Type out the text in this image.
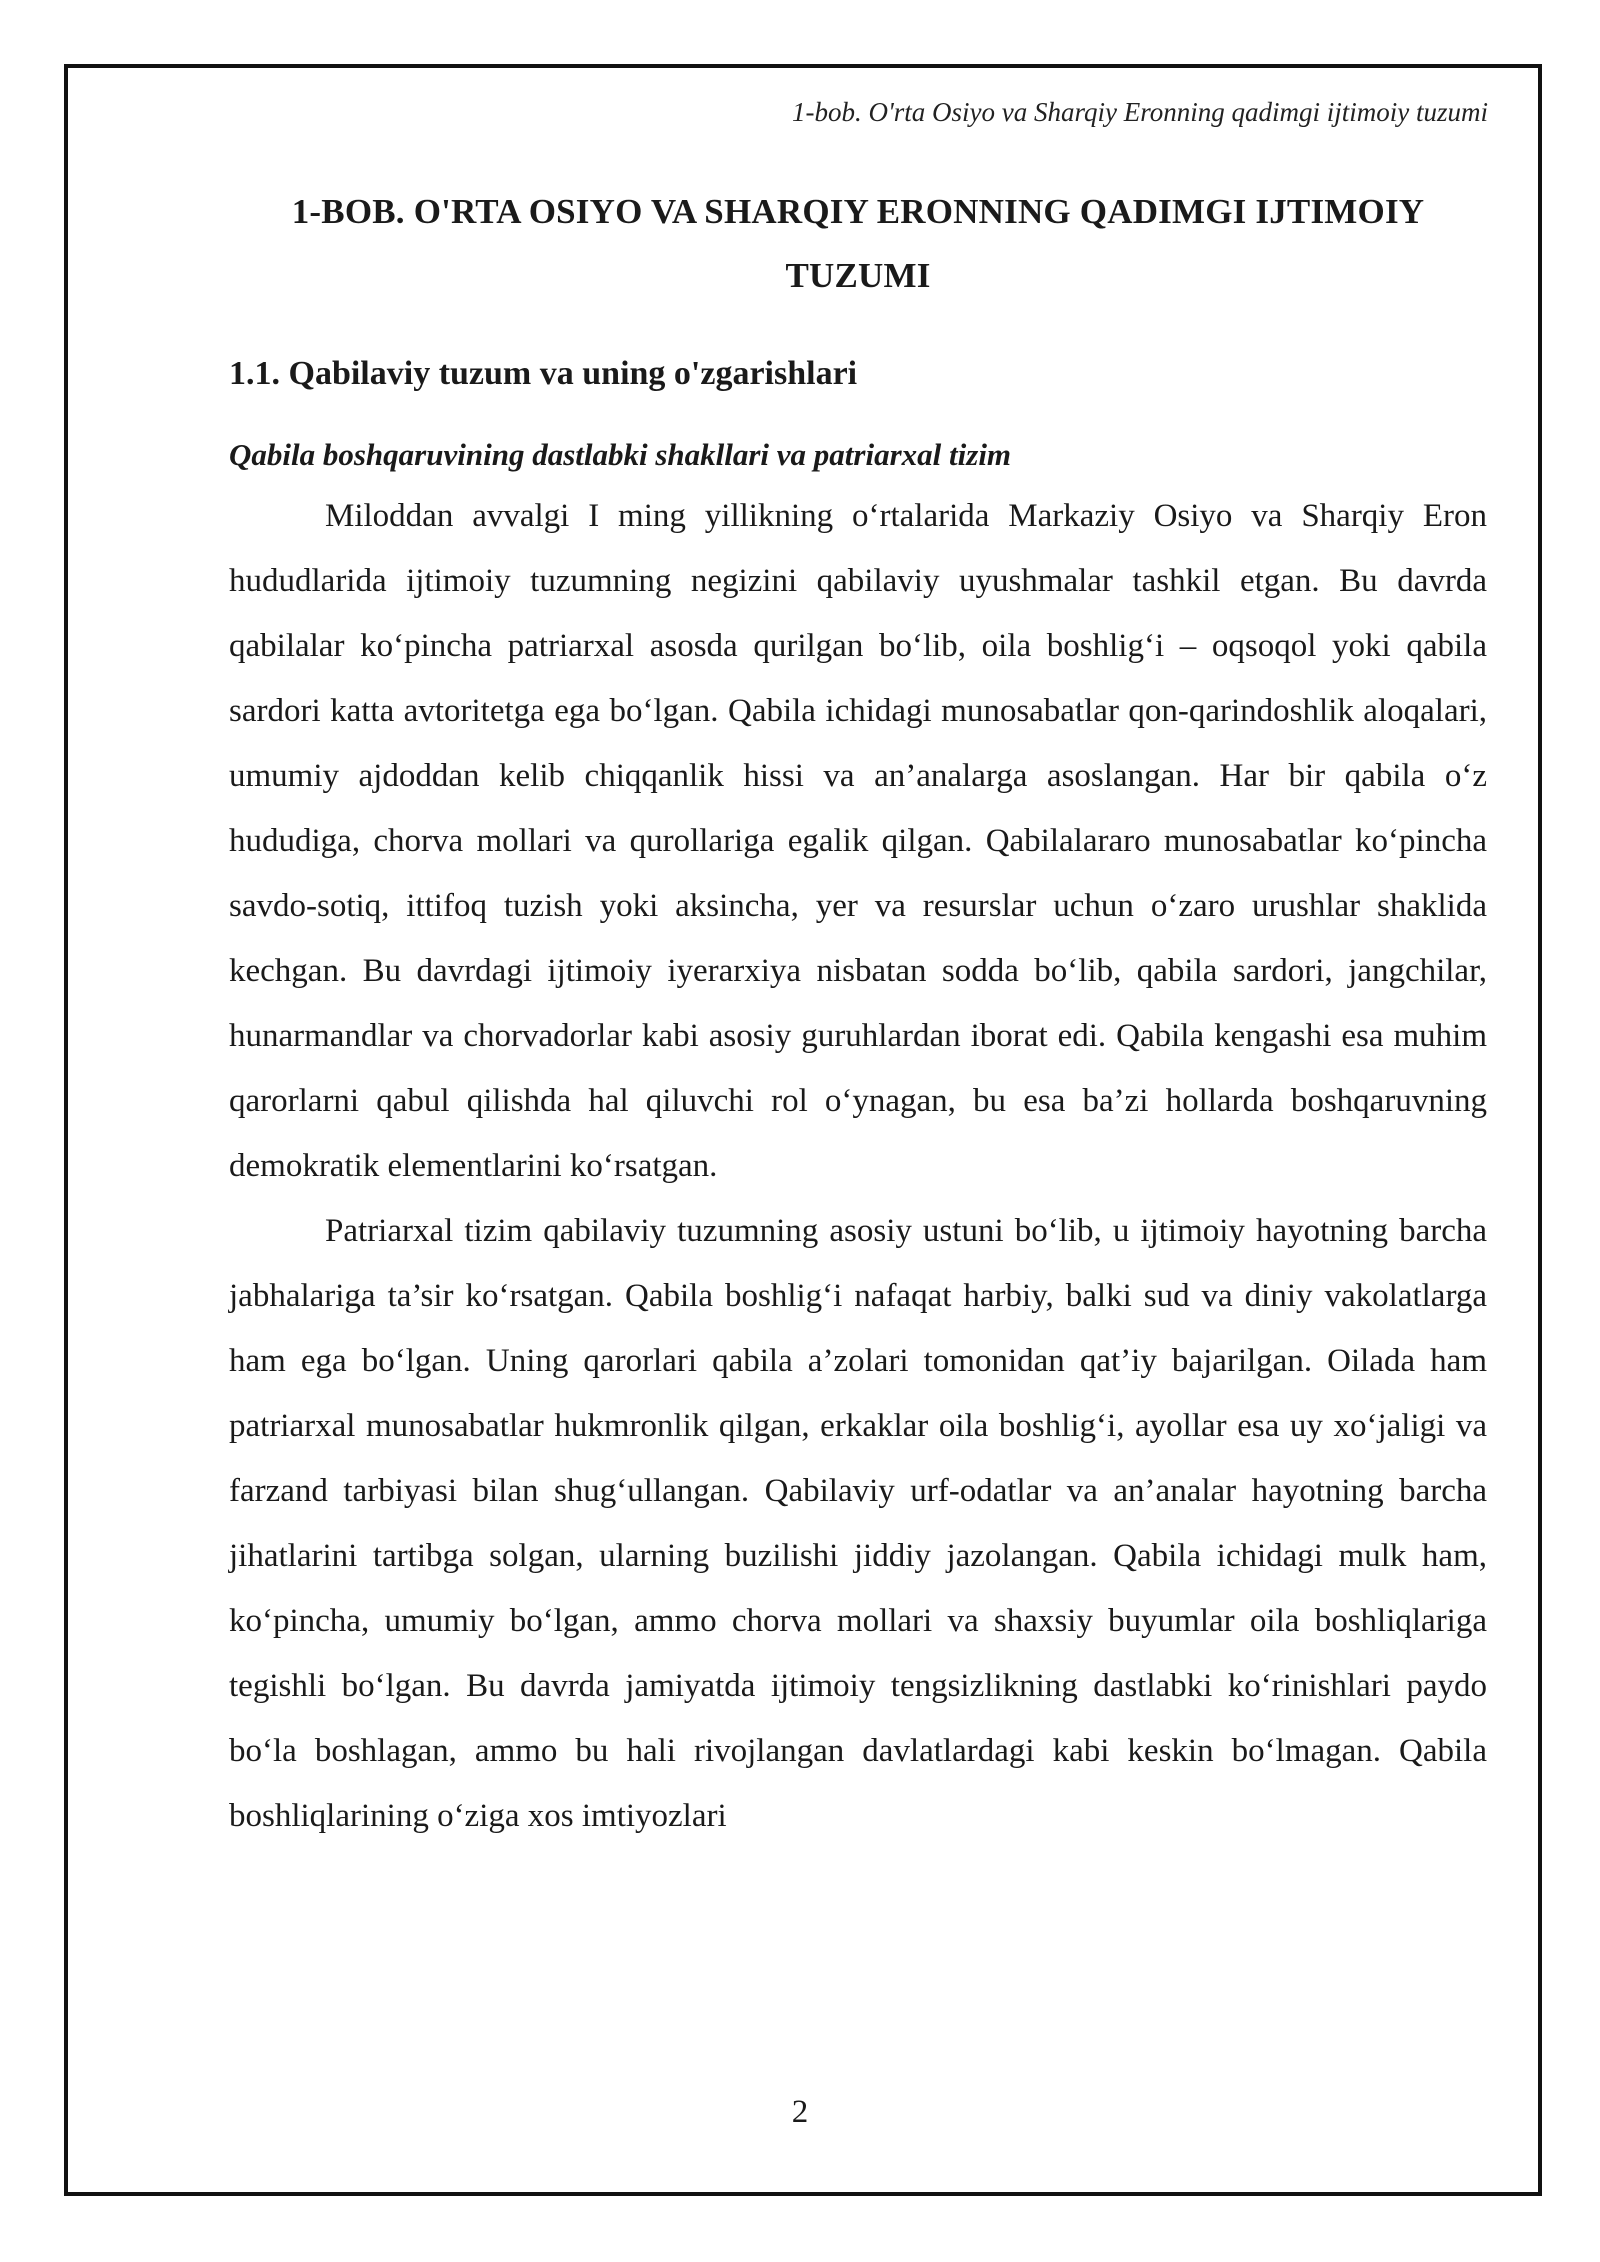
1-bob. O'rta Osiyo va Sharqiy Eronning qadimgi ijtimoiy tuzumi
1-BOB. O'RTA OSIYO VA SHARQIY ERONNING QADIMGI IJTIMOIY TUZUMI
1.1. Qabilaviy tuzum va uning o'zgarishlari
Qabila boshqaruvining dastlabki shakllari va patriarxal tizim

Miloddan avvalgi I ming yillikning o‘rtalarida Markaziy Osiyo va Sharqiy Eron hududlarida ijtimoiy tuzumning negizini qabilaviy uyushmalar tashkil etgan. Bu davrda qabilalar ko‘pincha patriarxal asosda qurilgan bo‘lib, oila boshlig‘i – oqsoqol yoki qabila sardori katta avtoritetga ega bo‘lgan. Qabila ichidagi munosabatlar qon-qarindoshlik aloqalari, umumiy ajdoddan kelib chiqqanlik hissi va an’analarga asoslangan. Har bir qabila o‘z hududiga, chorva mollari va qurollariga egalik qilgan. Qabilalararo munosabatlar ko‘pincha savdo-sotiq, ittifoq tuzish yoki aksincha, yer va resurslar uchun o‘zaro urushlar shaklida kechgan. Bu davrdagi ijtimoiy iyerarxiya nisbatan sodda bo‘lib, qabila sardori, jangchilar, hunarmandlar va chorvadorlar kabi asosiy guruhlardan iborat edi. Qabila kengashi esa muhim qarorlarni qabul qilishda hal qiluvchi rol o‘ynagan, bu esa ba’zi hollarda boshqaruvning demokratik elementlarini ko‘rsatgan.

Patriarxal tizim qabilaviy tuzumning asosiy ustuni bo‘lib, u ijtimoiy hayotning barcha jabhalariga ta’sir ko‘rsatgan. Qabila boshlig‘i nafaqat harbiy, balki sud va diniy vakolatlarga ham ega bo‘lgan. Uning qarorlari qabila a’zolari tomonidan qat’iy bajarilgan. Oilada ham patriarxal munosabatlar hukmronlik qilgan, erkaklar oila boshlig‘i, ayollar esa uy xo‘jaligi va farzand tarbiyasi bilan shug‘ullangan. Qabilaviy urf-odatlar va an’analar hayotning barcha jihatlarini tartibga solgan, ularning buzilishi jiddiy jazolangan. Qabila ichidagi mulk ham, ko‘pincha, umumiy bo‘lgan, ammo chorva mollari va shaxsiy buyumlar oila boshliqlariga tegishli bo‘lgan. Bu davrda jamiyatda ijtimoiy tengsizlikning dastlabki ko‘rinishlari paydo bo‘la boshlagan, ammo bu hali rivojlangan davlatlardagi kabi keskin bo‘lmagan. Qabila boshliqlarining o‘ziga xos imtiyozlari

2
